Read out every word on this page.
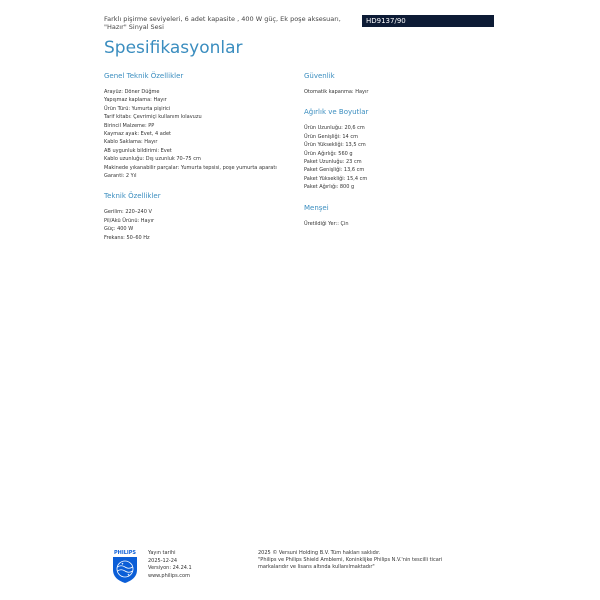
Farklı pişirme seviyeleri, 6 adet kapasite , 400 W güç, Ek poşe aksesuarı, "Hazır" Sinyal Sesi
HD9137/90
Spesifikasyonlar
Genel Teknik Özellikler
Arayüz: Döner Düğme
Yapışmaz kaplama: Hayır
Ürün Türü: Yumurta pişirici
Tarif kitabı: Çevrimiçi kullanım kılavuzu
Birincil Malzeme: PP
Kaymaz ayak: Evet, 4 adet
Kablo Saklama: Hayır
AB uygunluk bildirimi: Evet
Kablo uzunluğu: Dış uzunluk 70–75 cm
Makinede yıkanabilir parçalar: Yumurta tepsisi, poşe yumurta aparatı
Garanti: 2 Yıl
Teknik Özellikler
Gerilim: 220–240 V
Pil/Akü Ürünü: Hayır
Güç: 400 W
Frekans: 50–60 Hz
Güvenlik
Otomatik kapanma: Hayır
Ağırlık ve Boyutlar
Ürün Uzunluğu: 20,6 cm
Ürün Genişliği: 14 cm
Ürün Yüksekliği: 13,5 cm
Ürün Ağırlığı: 560 g
Paket Uzunluğu: 23 cm
Paket Genişliği: 13,6 cm
Paket Yüksekliği: 15,4 cm
Paket Ağırlığı: 800 g
Menşei
Üretildiği Yer:: Çin
PHILIPS
✦
✦
Yayın tarihi
2025-12-24
Versiyon: 24.24.1
www.philips.com
2025 © Versuni Holding B.V. Tüm hakları saklıdır.
"Philips ve Philips Shield Amblemi, Koninklijke Philips N.V.'nin tescilli ticari markalarıdır ve lisans altında kullanılmaktadır"
